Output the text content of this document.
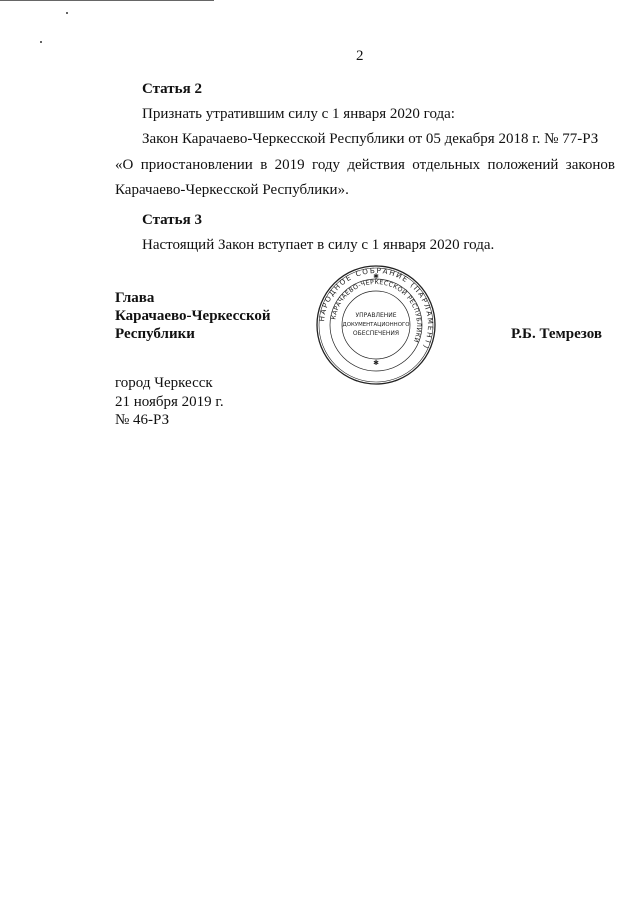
2
Статья 2
Признать утратившим силу с 1 января 2020 года:
Закон Карачаево-Черкесской Республики от 05 декабря 2018 г. № 77-РЗ
«О приостановлении в 2019 году действия отдельных положений законов
Карачаево-Черкесской Республики».
Статья 3
Настоящий Закон вступает в силу с 1 января 2020 года.
Глава
Карачаево-Черкесской
Республики
НАРОДНОЕ СОБРАНИЕ (ПАРЛАМЕНТ)
КАРАЧАЕВО-ЧЕРКЕССКОЙ РЕСПУБЛИКИ
УПРАВЛЕНИЕ
ДОКУМЕНТАЦИОННОГО
ОБЕСПЕЧЕНИЯ
✱
✱
Р.Б. Темрезов
город Черкесск
21 ноября 2019 г.
№ 46-РЗ
